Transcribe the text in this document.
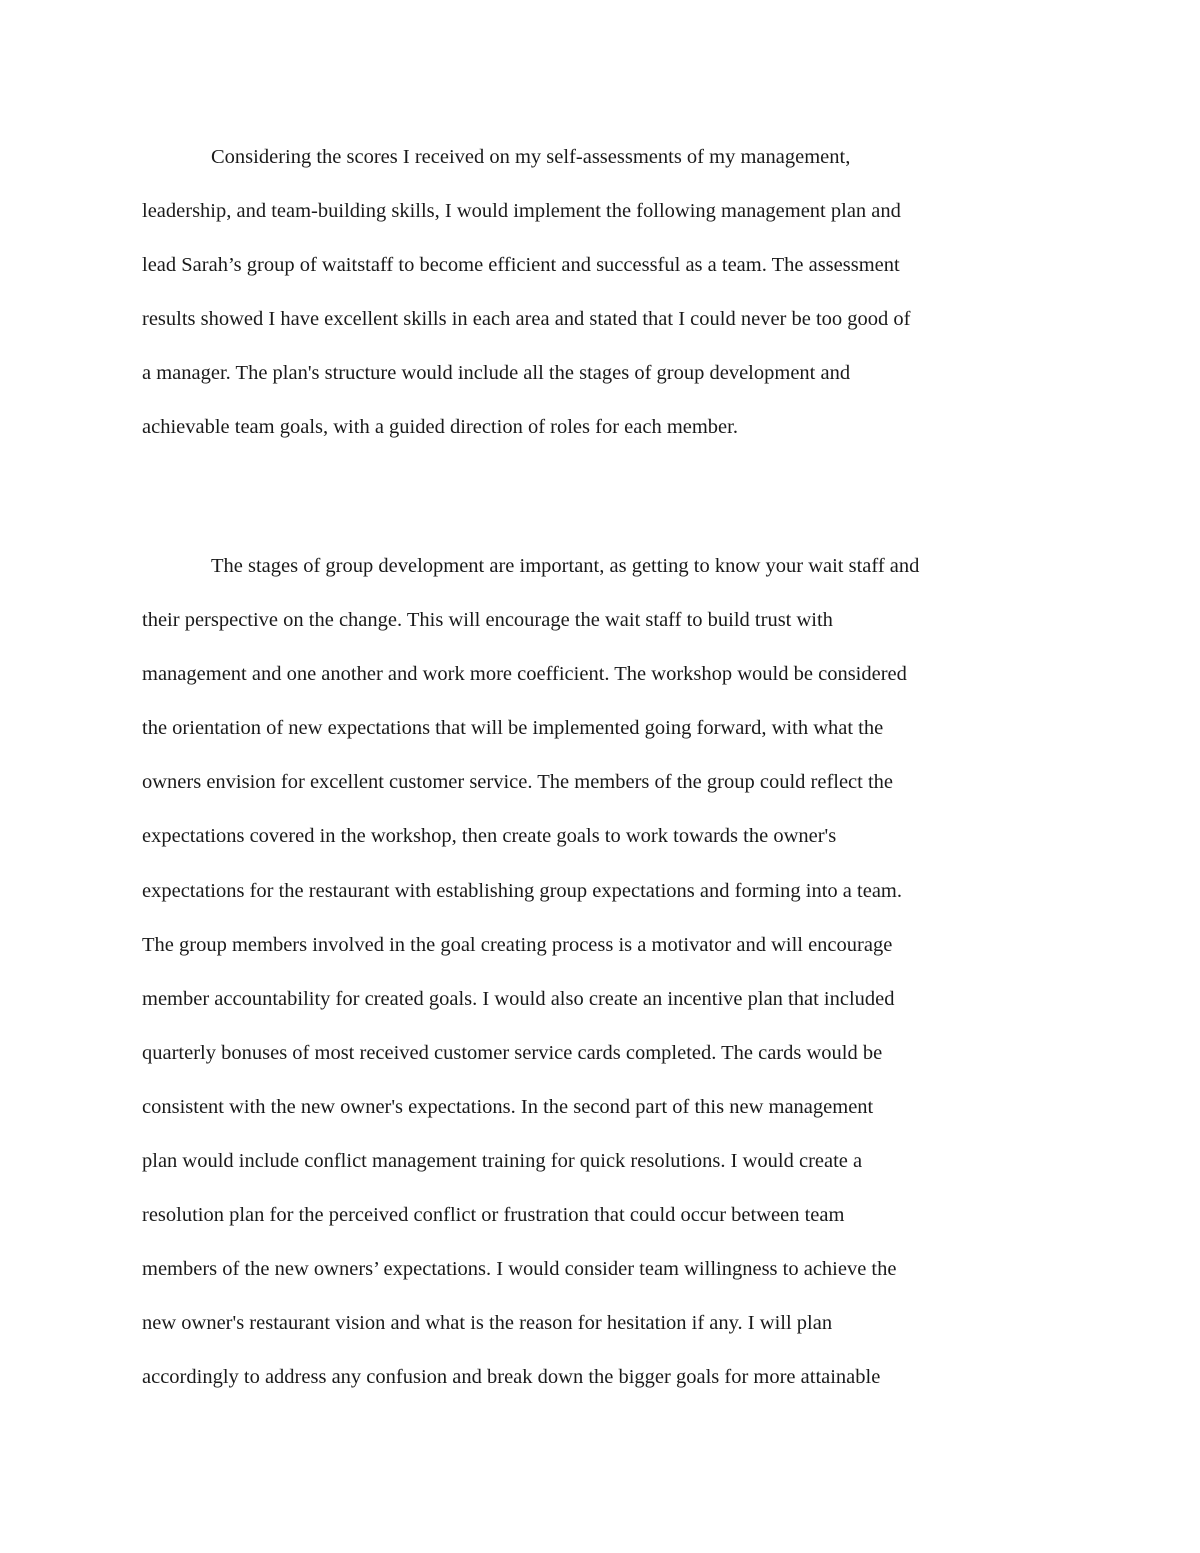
Considering the scores I received on my self-assessments of my management,
leadership, and team-building skills, I would implement the following management plan and
lead Sarah’s group of waitstaff to become efficient and successful as a team. The assessment
results showed I have excellent skills in each area and stated that I could never be too good of
a manager. The plan's structure would include all the stages of group development and
achievable team goals, with a guided direction of roles for each member.
The stages of group development are important, as getting to know your wait staff and
their perspective on the change. This will encourage the wait staff to build trust with
management and one another and work more coefficient. The workshop would be considered
the orientation of new expectations that will be implemented going forward, with what the
owners envision for excellent customer service. The members of the group could reflect the
expectations covered in the workshop, then create goals to work towards the owner's
expectations for the restaurant with establishing group expectations and forming into a team.
The group members involved in the goal creating process is a motivator and will encourage
member accountability for created goals. I would also create an incentive plan that included
quarterly bonuses of most received customer service cards completed. The cards would be
consistent with the new owner's expectations. In the second part of this new management
plan would include conflict management training for quick resolutions. I would create a
resolution plan for the perceived conflict or frustration that could occur between team
members of the new owners’ expectations. I would consider team willingness to achieve the
new owner's restaurant vision and what is the reason for hesitation if any. I will plan
accordingly to address any confusion and break down the bigger goals for more attainable
